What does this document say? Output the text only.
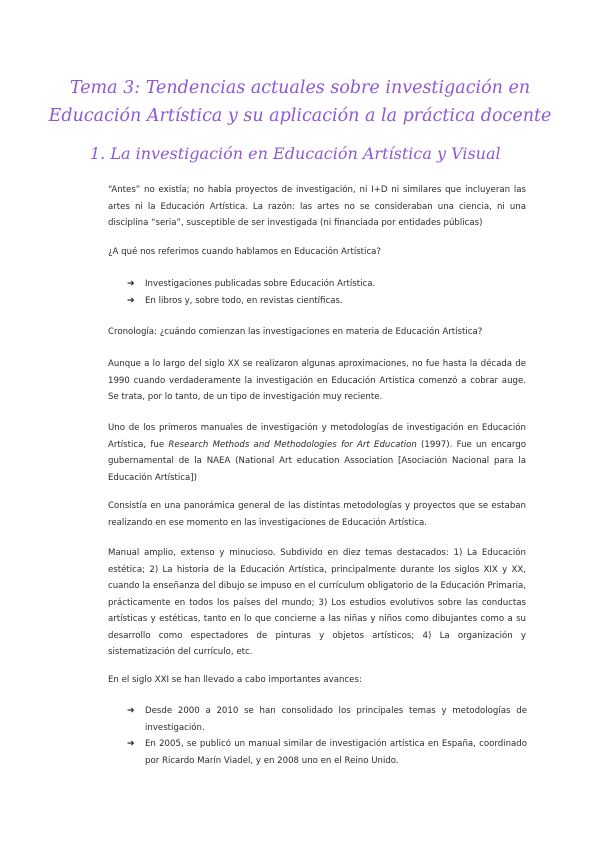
Tema 3: Tendencias actuales sobre investigación en Educación Artística y su aplicación a la práctica docente
1. La investigación en Educación Artística y Visual

“Antes” no existía; no había proyectos de investigación, ni I+D ni similares que incluyeran las artes ni la Educación Artística. La razón: las artes no se consideraban una ciencia, ni una disciplina “seria”, susceptible de ser investigada (ni financiada por entidades públicas)

¿A qué nos referimos cuando hablamos en Educación Artística?

➔ Investigaciones publicadas sobre Educación Artística.
➔ En libros y, sobre todo, en revistas científicas.

Cronología: ¿cuándo comienzan las investigaciones en materia de Educación Artística?

Aunque a lo largo del siglo XX se realizaron algunas aproximaciones, no fue hasta la década de 1990 cuando verdaderamente la investigación en Educación Artística comenzó a cobrar auge. Se trata, por lo tanto, de un tipo de investigación muy reciente.

Uno de los primeros manuales de investigación y metodologías de investigación en Educación Artística, fue Research Methods and Methodologies for Art Education (1997). Fue un encargo gubernamental de la NAEA (National Art education Association [Asociación Nacional para la Educación Artística])

Consistía en una panorámica general de las distintas metodologías y proyectos que se estaban realizando en ese momento en las investigaciones de Educación Artística.

Manual amplio, extenso y minucioso. Subdivido en diez temas destacados: 1) La Educación estética; 2) La historia de la Educación Artística, principalmente durante los siglos XIX y XX, cuando la enseñanza del dibujo se impuso en el currículum obligatorio de la Educación Primaria, prácticamente en todos los países del mundo; 3) Los estudios evolutivos sobre las conductas artísticas y estéticas, tanto en lo que concierne a las niñas y niños como dibujantes como a su desarrollo como espectadores de pinturas y objetos artísticos; 4) La organización y sistematización del currículo, etc.

En el siglo XXI se han llevado a cabo importantes avances:

➔ Desde 2000 a 2010 se han consolidado los principales temas y metodologías de investigación.
➔ En 2005, se publicó un manual similar de investigación artística en España, coordinado por Ricardo Marín Viadel, y en 2008 uno en el Reino Unido.
